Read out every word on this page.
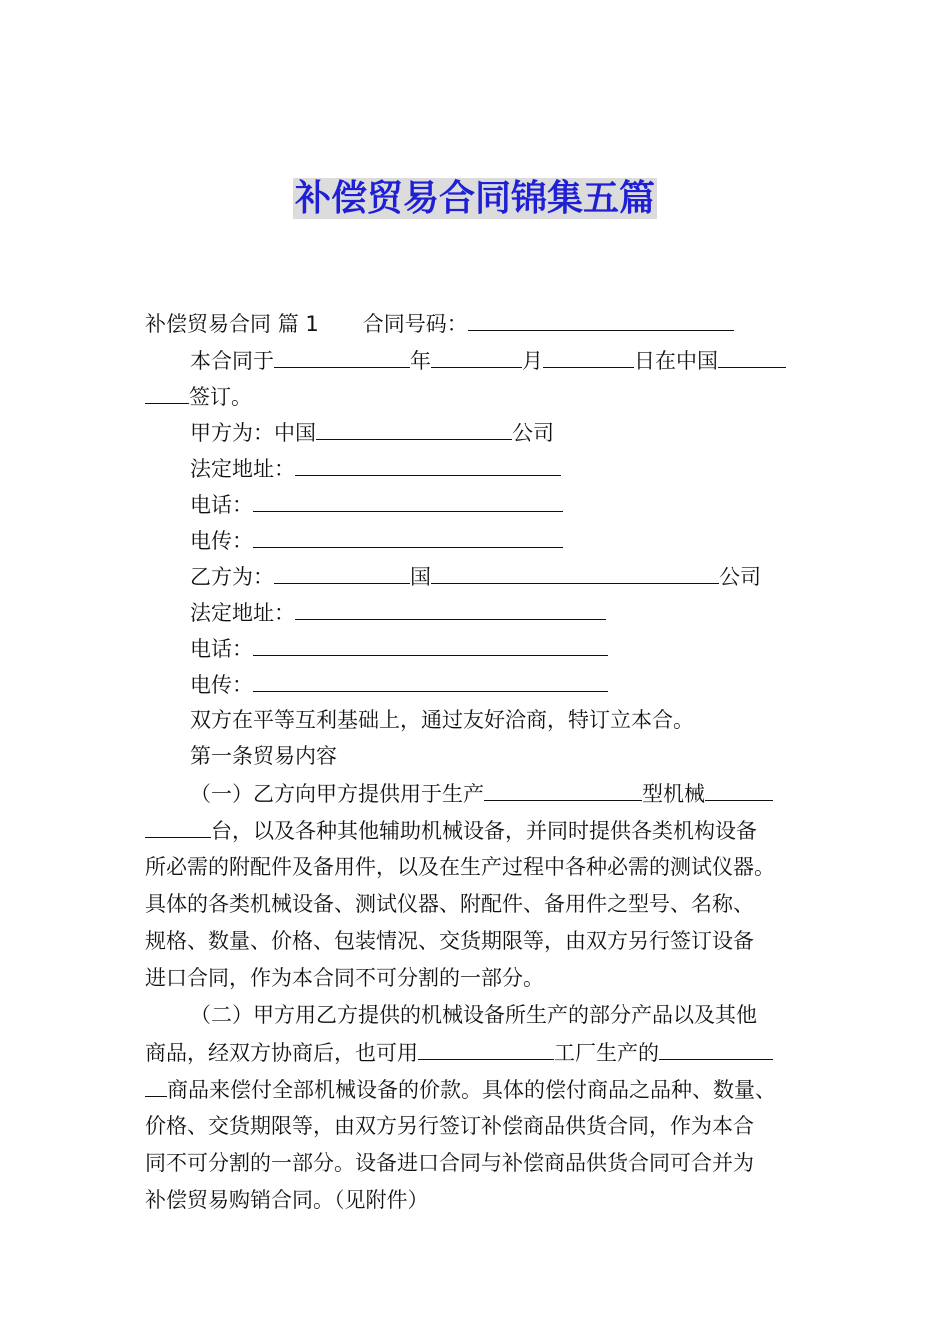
补偿贸易合同锦集五篇
补偿贸易合同 篇 1 合同号码：
本合同于	年	月	日在中国
签订。
甲方为：中国	公司
法定地址：
电话：
电传：
乙方为：	国	公司
法定地址：
电话：
电传：
双方在平等互利基础上，通过友好洽商，特订立本合。
第一条贸易内容
（一）乙方向甲方提供用于生产	型机械
台，以及各种其他辅助机械设备，并同时提供各类机构设备
所必需的附配件及备用件，以及在生产过程中各种必需的测试仪器。
具体的各类机械设备、测试仪器、附配件、备用件之型号、名称、
规格、数量、价格、包装情况、交货期限等，由双方另行签订设备
进口合同，作为本合同不可分割的一部分。
（二）甲方用乙方提供的机械设备所生产的部分产品以及其他
商品，经双方协商后，也可用	工厂生产的
商品来偿付全部机械设备的价款。具体的偿付商品之品种、数量、
价格、交货期限等，由双方另行签订补偿商品供货合同，作为本合
同不可分割的一部分。设备进口合同与补偿商品供货合同可合并为
补偿贸易购销合同。（见附件）
